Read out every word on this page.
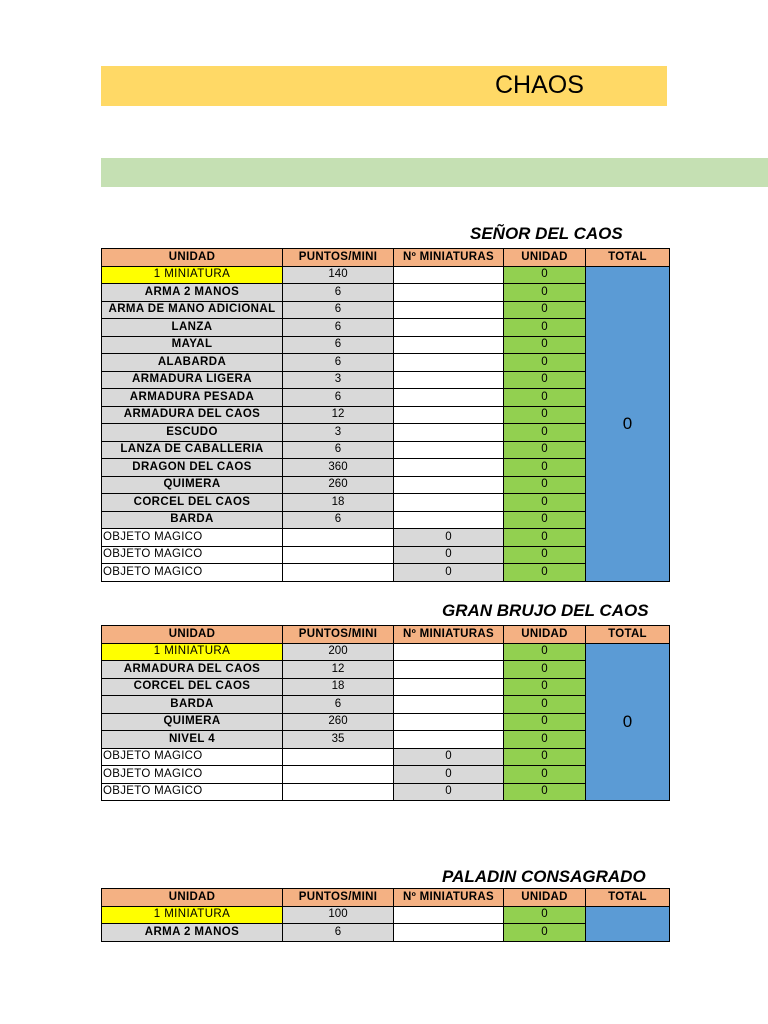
CHAOS
SEÑOR DEL CAOS
GRAN BRUJO DEL CAOS
PALADIN CONSAGRADO
UNIDAD	PUNTOS/MINI	Nº MINIATURAS	UNIDAD	TOTAL
1 MINIATURA	140		0	0
ARMA 2 MANOS	6		0	
ARMA DE MANO ADICIONAL	6		0	
LANZA	6		0	
MAYAL	6		0	
ALABARDA	6		0	
ARMADURA LIGERA	3		0	
ARMADURA PESADA	6		0	
ARMADURA DEL CAOS	12		0	
ESCUDO	3		0	
LANZA DE CABALLERIA	6		0	
DRAGON DEL CAOS	360		0	
QUIMERA	260		0	
CORCEL DEL CAOS	18		0	
BARDA	6		0	
OBJETO MAGICO		0	0	
OBJETO MAGICO		0	0	
OBJETO MAGICO		0	0	
UNIDAD	PUNTOS/MINI	Nº MINIATURAS	UNIDAD	TOTAL
1 MINIATURA	200		0	0
ARMADURA DEL CAOS	12		0	
CORCEL DEL CAOS	18		0	
BARDA	6		0	
QUIMERA	260		0	
NIVEL 4	35		0	
OBJETO MAGICO		0	0	
OBJETO MAGICO		0	0	
OBJETO MAGICO		0	0	
UNIDAD	PUNTOS/MINI	Nº MINIATURAS	UNIDAD	TOTAL
1 MINIATURA	100		0	
ARMA 2 MANOS	6		0	
